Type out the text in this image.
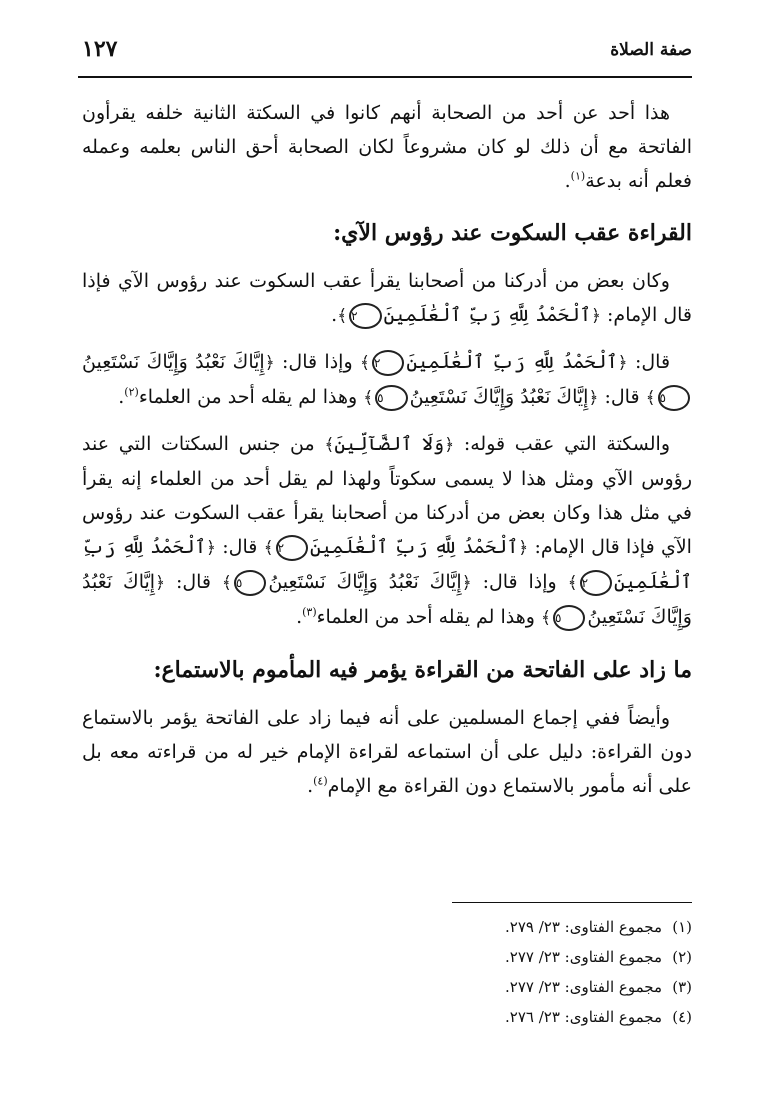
صفة الصلاة
١٢٧

هذا أحد عن أحد من الصحابة أنهم كانوا في السكتة الثانية خلفه يقرأون الفاتحة مع أن ذلك لو كان مشروعاً لكان الصحابة أحق الناس بعلمه وعمله فعلم أنه بدعة$^{(١)}$.

القراءة عقب السكوت عند رؤوس الآي:

وكان بعض من أدركنا من أصحابنا يقرأ عقب السكوت عند رؤوس الآي فإذا قال الإمام: ﴿ٱلْحَمْدُ لِلَّهِ رَبِّ ٱلْعَٰلَمِينَ٢﴾.

قال: ﴿ٱلْحَمْدُ لِلَّهِ رَبِّ ٱلْعَٰلَمِينَ٢﴾ وإذا قال: ﴿إِيَّاكَ نَعْبُدُ وَإِيَّاكَ نَسْتَعِينُ٥﴾ قال: ﴿إِيَّاكَ نَعْبُدُ وَإِيَّاكَ نَسْتَعِينُ٥﴾ وهذا لم يقله أحد من العلماء$^{(٢)}$.

والسكتة التي عقب قوله: ﴿وَلَا ٱلضَّآلِّينَ﴾ من جنس السكتات التي عند رؤوس الآي ومثل هذا لا يسمى سكوتاً ولهذا لم يقل أحد من العلماء إنه يقرأ في مثل هذا وكان بعض من أدركنا من أصحابنا يقرأ عقب السكوت عند رؤوس الآي فإذا قال الإمام: ﴿ٱلْحَمْدُ لِلَّهِ رَبِّ ٱلْعَٰلَمِينَ٢﴾ قال: ﴿ٱلْحَمْدُ لِلَّهِ رَبِّ ٱلْعَٰلَمِينَ٢﴾ وإذا قال: ﴿إِيَّاكَ نَعْبُدُ وَإِيَّاكَ نَسْتَعِينُ٥﴾ قال: ﴿إِيَّاكَ نَعْبُدُ وَإِيَّاكَ نَسْتَعِينُ٥﴾ وهذا لم يقله أحد من العلماء$^{(٣)}$.

ما زاد على الفاتحة من القراءة يؤمر فيه المأموم بالاستماع:

وأيضاً ففي إجماع المسلمين على أنه فيما زاد على الفاتحة يؤمر بالاستماع دون القراءة: دليل على أن استماعه لقراءة الإمام خير له من قراءته معه بل على أنه مأمور بالاستماع دون القراءة مع الإمام$^{(٤)}$.

(١)مجموع الفتاوى: ٢٣/ ٢٧٩.
(٢)مجموع الفتاوى: ٢٣/ ٢٧٧.
(٣)مجموع الفتاوى: ٢٣/ ٢٧٧.
(٤)مجموع الفتاوى: ٢٣/ ٢٧٦.
